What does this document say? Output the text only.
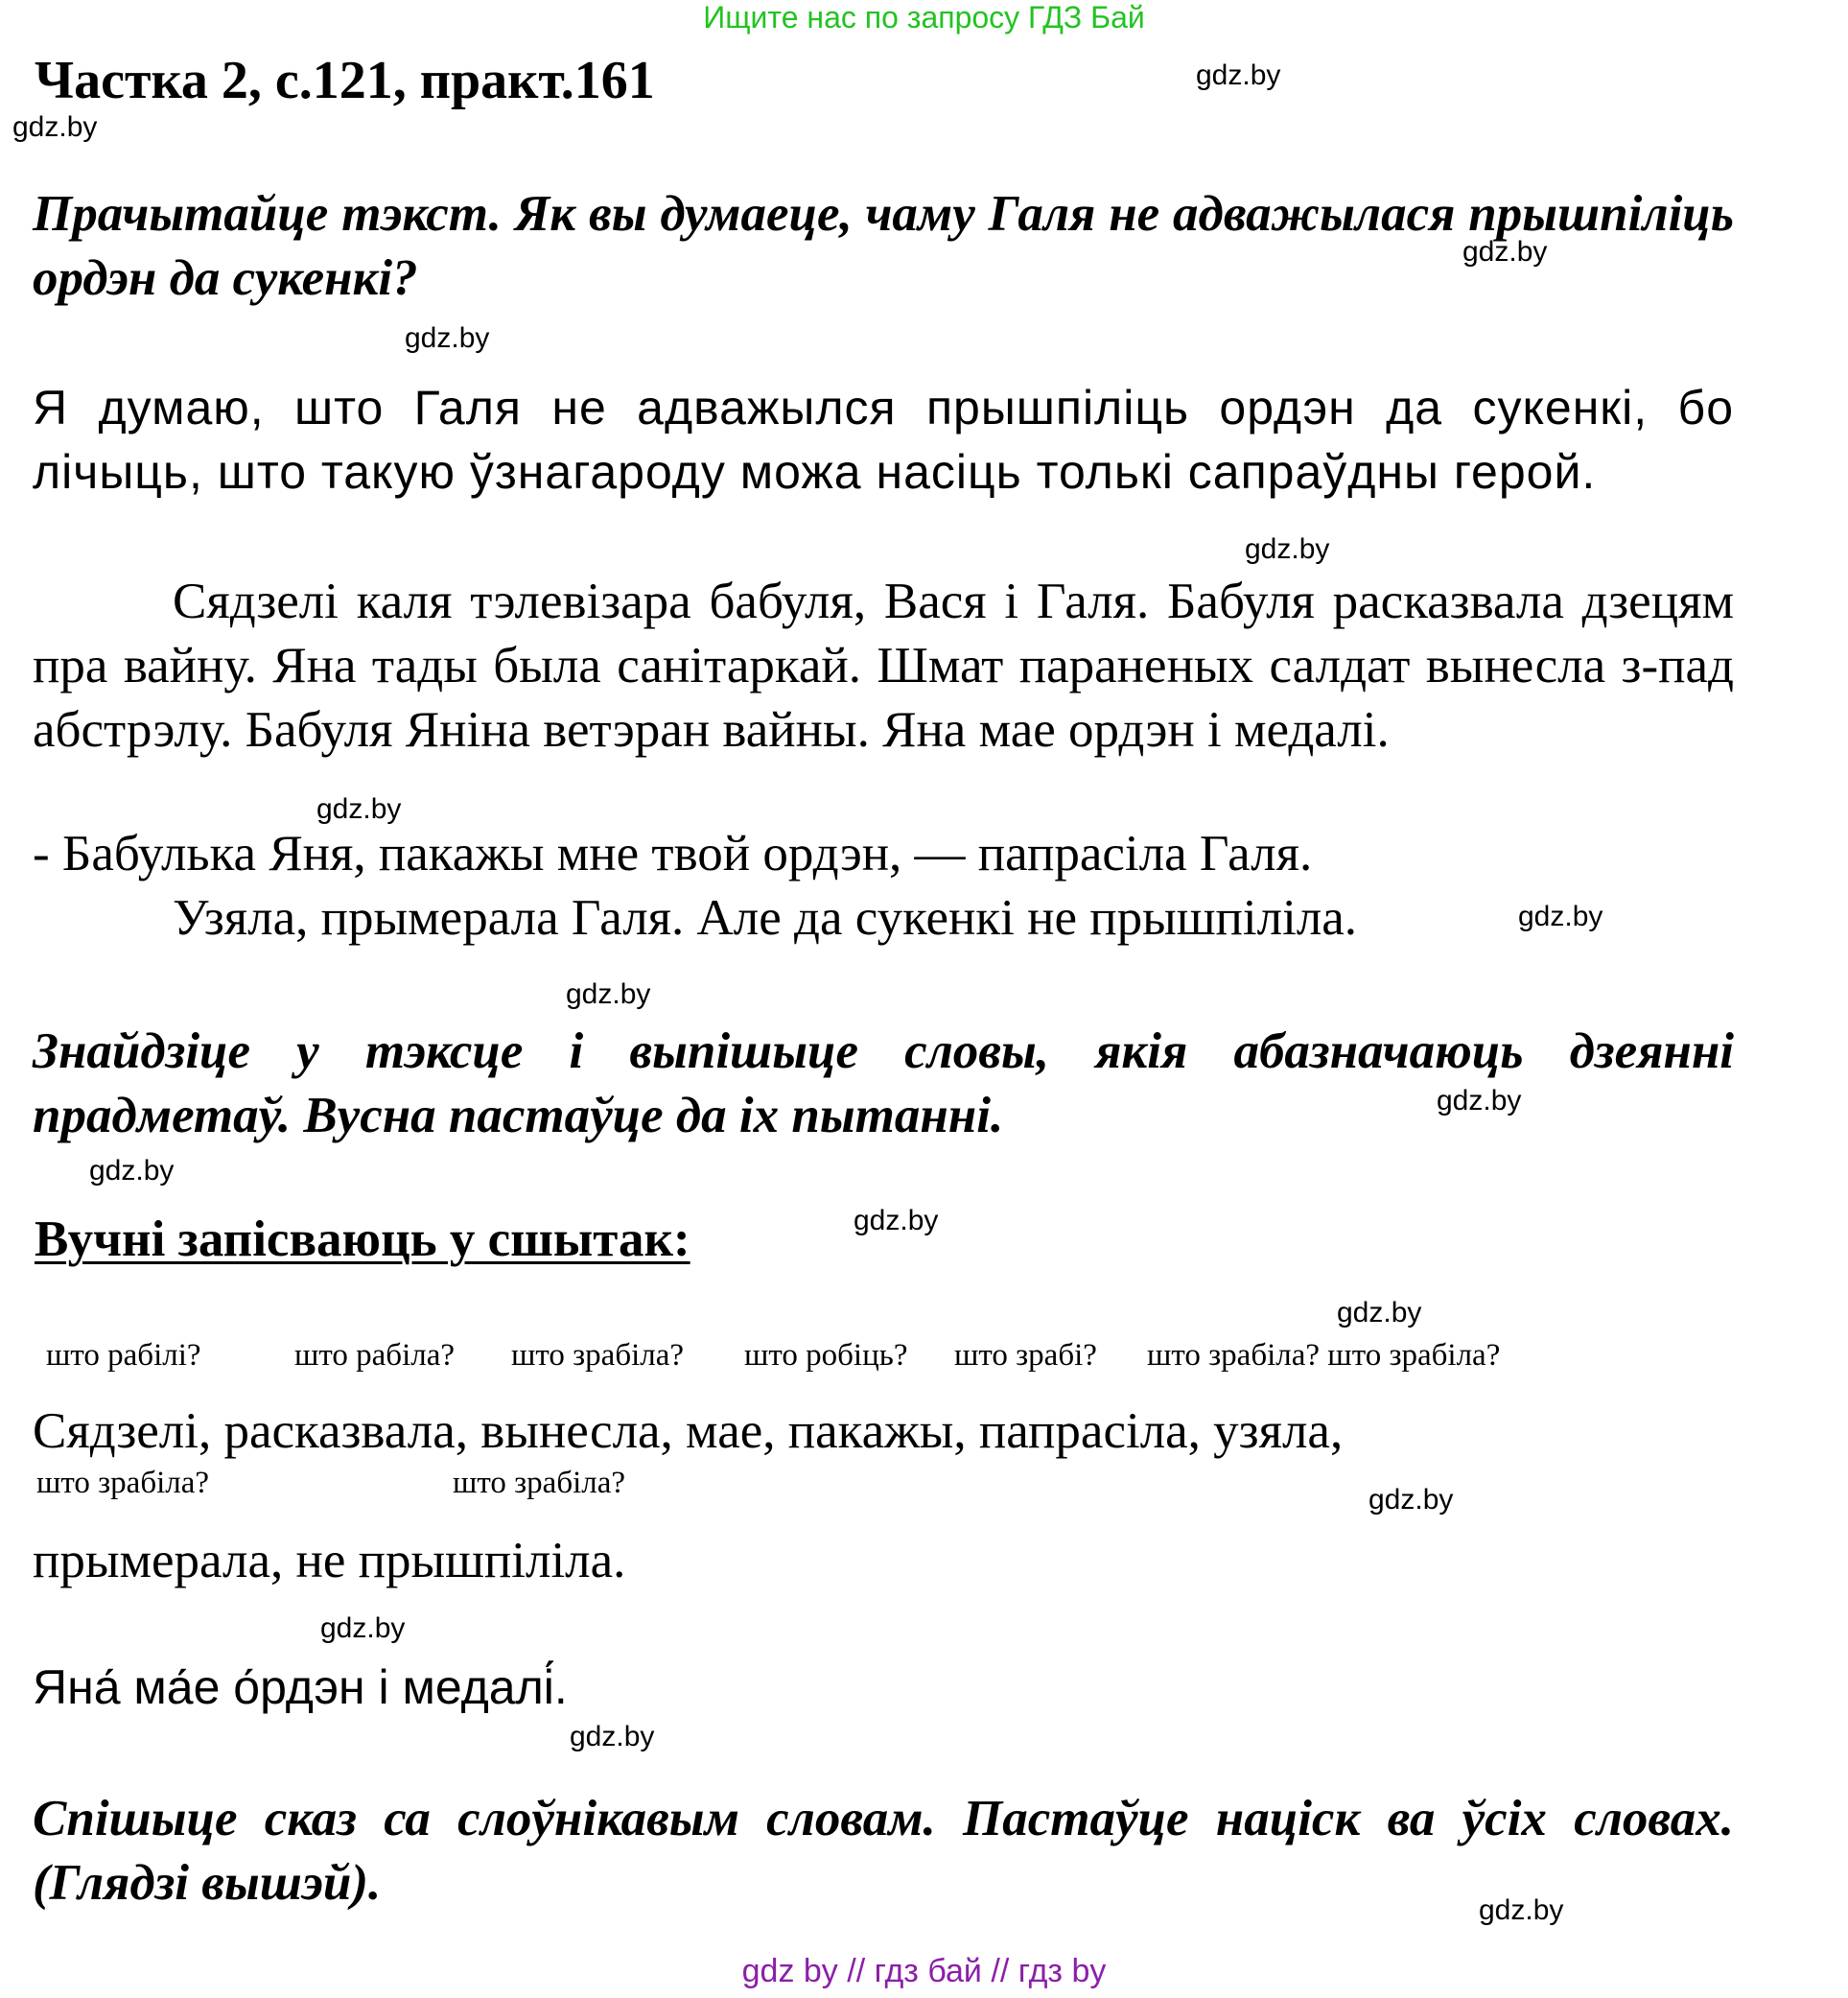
Ищите нас по запросу ГДЗ Бай
Частка 2, с.121, практ.161	gdz.by
gdz.by
gdz.by
gdz.by
gdz.by
gdz.by
gdz.by
gdz.by
gdz.by
gdz.by
gdz.by
gdz.by
gdz.by
gdz.by
gdz.by
gdz.by
Прачытайце тэкст. Як вы думаеце, чаму Галя не адважылася прышпіліць ордэн да сукенкі?
Я думаю, што Галя не адважылся прышпіліць ордэн да сукенкі, бо лічыць, што такую ўзнагароду можа насіць толькі сапраўдны герой.
Сядзелі каля тэлевізара бабуля, Вася і Галя. Бабуля расказвала дзецям пра вайну. Яна тады была санітаркай. Шмат параненых салдат вынесла з-пад абстрэлу. Бабуля Яніна ветэран вайны. Яна мае ордэн і медалі.
- Бабулька Яня, пакажы мне твой ордэн, — папрасіла Галя.
Узяла, прымерала Галя. Але да сукенкі не прышпіліла.
Знайдзіце у тэксце і выпішыце словы, якія абазначаюць дзеянні прадметаў. Вусна пастаўце да іх пытанні.
Вучні запісваюць у сшытак:
што рабілі?	што рабіла? што зрабіла? што робіць? што зрабі? што зрабіла? што зрабіла?
Сядзелі, расказвала, вынесла, мае, пакажы, папрасіла, узяла,
што зрабіла?	што зрабіла?
прымерала, не прышпіліла.
Яна́ ма́е о́рдэн і медалі́.
Спішыце сказ са слоўнікавым словам. Пастаўце націск ва ўсіх словах.(Глядзі вышэй).
gdz by // гдз бай // гдз by
